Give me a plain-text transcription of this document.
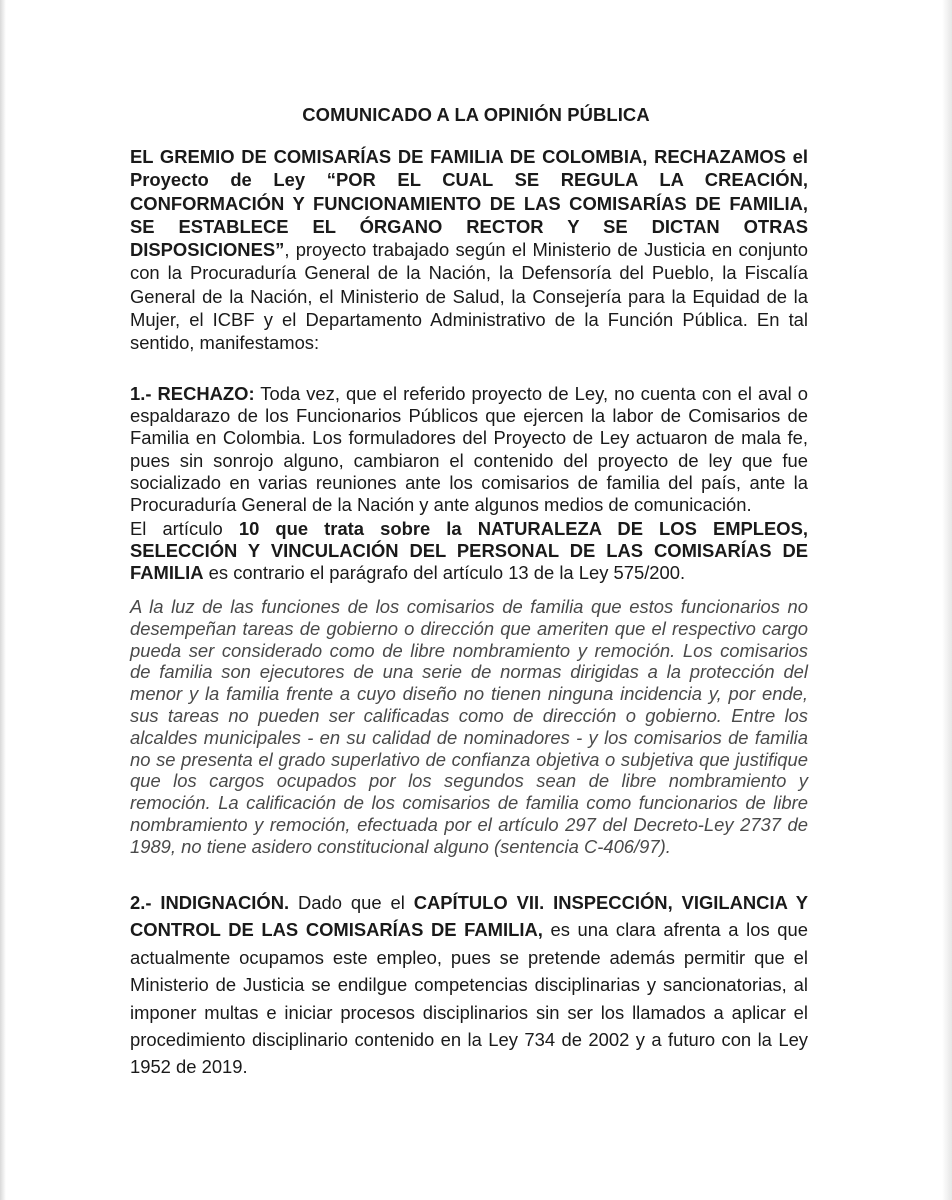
COMUNICADO A LA OPINIÓN PÚBLICA

EL GREMIO DE COMISARÍAS DE FAMILIA DE COLOMBIA, RECHAZAMOS el Proyecto de Ley “POR EL CUAL SE REGULA LA CREACIÓN, CONFORMACIÓN Y FUNCIONAMIENTO DE LAS COMISARÍAS DE FAMILIA, SE ESTABLECE EL ÓRGANO RECTOR Y SE DICTAN OTRAS DISPOSICIONES”, proyecto trabajado según el Ministerio de Justicia en conjunto con la Procuraduría General de la Nación, la Defensoría del Pueblo, la Fiscalía General de la Nación, el Ministerio de Salud, la Consejería para la Equidad de la Mujer, el ICBF y el Departamento Administrativo de la Función Pública. En tal sentido, manifestamos:

1.- RECHAZO: Toda vez, que el referido proyecto de Ley, no cuenta con el aval o espaldarazo de los Funcionarios Públicos que ejercen la labor de Comisarios de Familia en Colombia. Los formuladores del Proyecto de Ley actuaron de mala fe, pues sin sonrojo alguno, cambiaron el contenido del proyecto de ley que fue socializado en varias reuniones ante los comisarios de familia del país, ante la Procuraduría General de la Nación y ante algunos medios de comunicación.

El artículo 10 que trata sobre la NATURALEZA DE LOS EMPLEOS, SELECCIÓN Y VINCULACIÓN DEL PERSONAL DE LAS COMISARÍAS DE FAMILIA es contrario el parágrafo del artículo 13 de la Ley 575/200.

A la luz de las funciones de los comisarios de familia que estos funcionarios no desempeñan tareas de gobierno o dirección que ameriten que el respectivo cargo pueda ser considerado como de libre nombramiento y remoción. Los comisarios de familia son ejecutores de una serie de normas dirigidas a la protección del menor y la familia frente a cuyo diseño no tienen ninguna incidencia y, por ende, sus tareas no pueden ser calificadas como de dirección o gobierno. Entre los alcaldes municipales - en su calidad de nominadores - y los comisarios de familia no se presenta el grado superlativo de confianza objetiva o subjetiva que justifique que los cargos ocupados por los segundos sean de libre nombramiento y remoción. La calificación de los comisarios de familia como funcionarios de libre nombramiento y remoción, efectuada por el artículo 297 del Decreto-Ley 2737 de 1989, no tiene asidero constitucional alguno (sentencia C-406/97).

2.- INDIGNACIÓN. Dado que el CAPÍTULO VII. INSPECCIÓN, VIGILANCIA Y CONTROL DE LAS COMISARÍAS DE FAMILIA, es una clara afrenta a los que actualmente ocupamos este empleo, pues se pretende además permitir que el Ministerio de Justicia se endilgue competencias disciplinarias y sancionatorias, al imponer multas e iniciar procesos disciplinarios sin ser los llamados a aplicar el procedimiento disciplinario contenido en la Ley 734 de 2002 y a futuro con la Ley 1952 de 2019.
